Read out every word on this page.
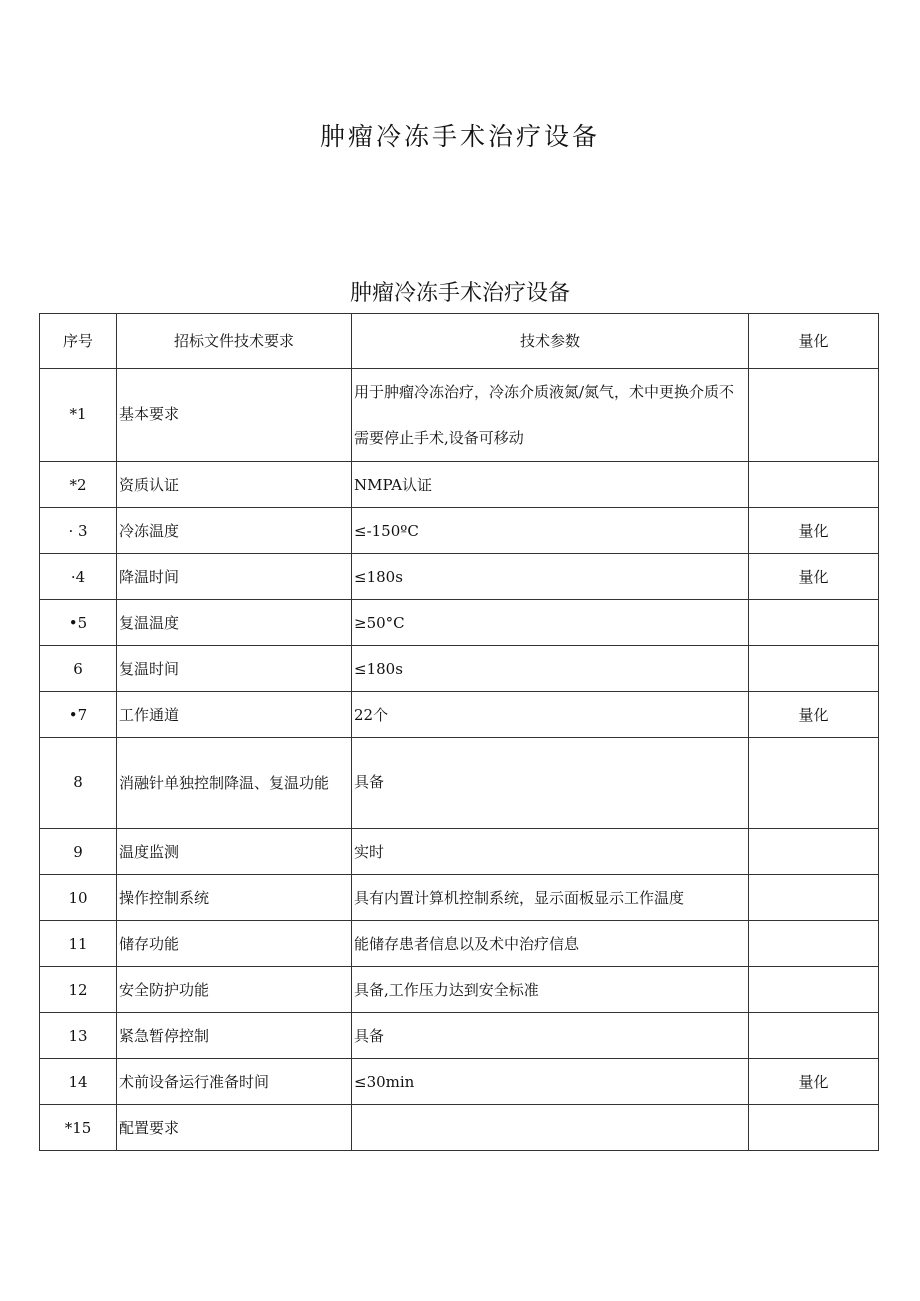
肿瘤冷冻手术治疗设备
肿瘤冷冻手术治疗设备
序号	招标文件技术要求	技术参数	量化
*1	基本要求	用于肿瘤冷冻治疗，冷冻介质液氮/氮气，术中更换介质不需要停止手术,设备可移动	
*2	资质认证	NMPA认证	
· 3	冷冻温度	≤-150ºC	量化
·4	降温时间	≤180s	量化
•5	复温温度	≥50°C	
6	复温时间	≤180s	
•7	工作通道	22个	量化
8	消融针单独控制降温、复温功能	具备	
9	温度监测	实时	
10	操作控制系统	具有内置计算机控制系统，显示面板显示工作温度	
11	储存功能	能储存患者信息以及术中治疗信息	
12	安全防护功能	具备,工作压力达到安全标准	
13	紧急暂停控制	具备	
14	术前设备运行准备时间	≤30min	量化
*15	配置要求		
